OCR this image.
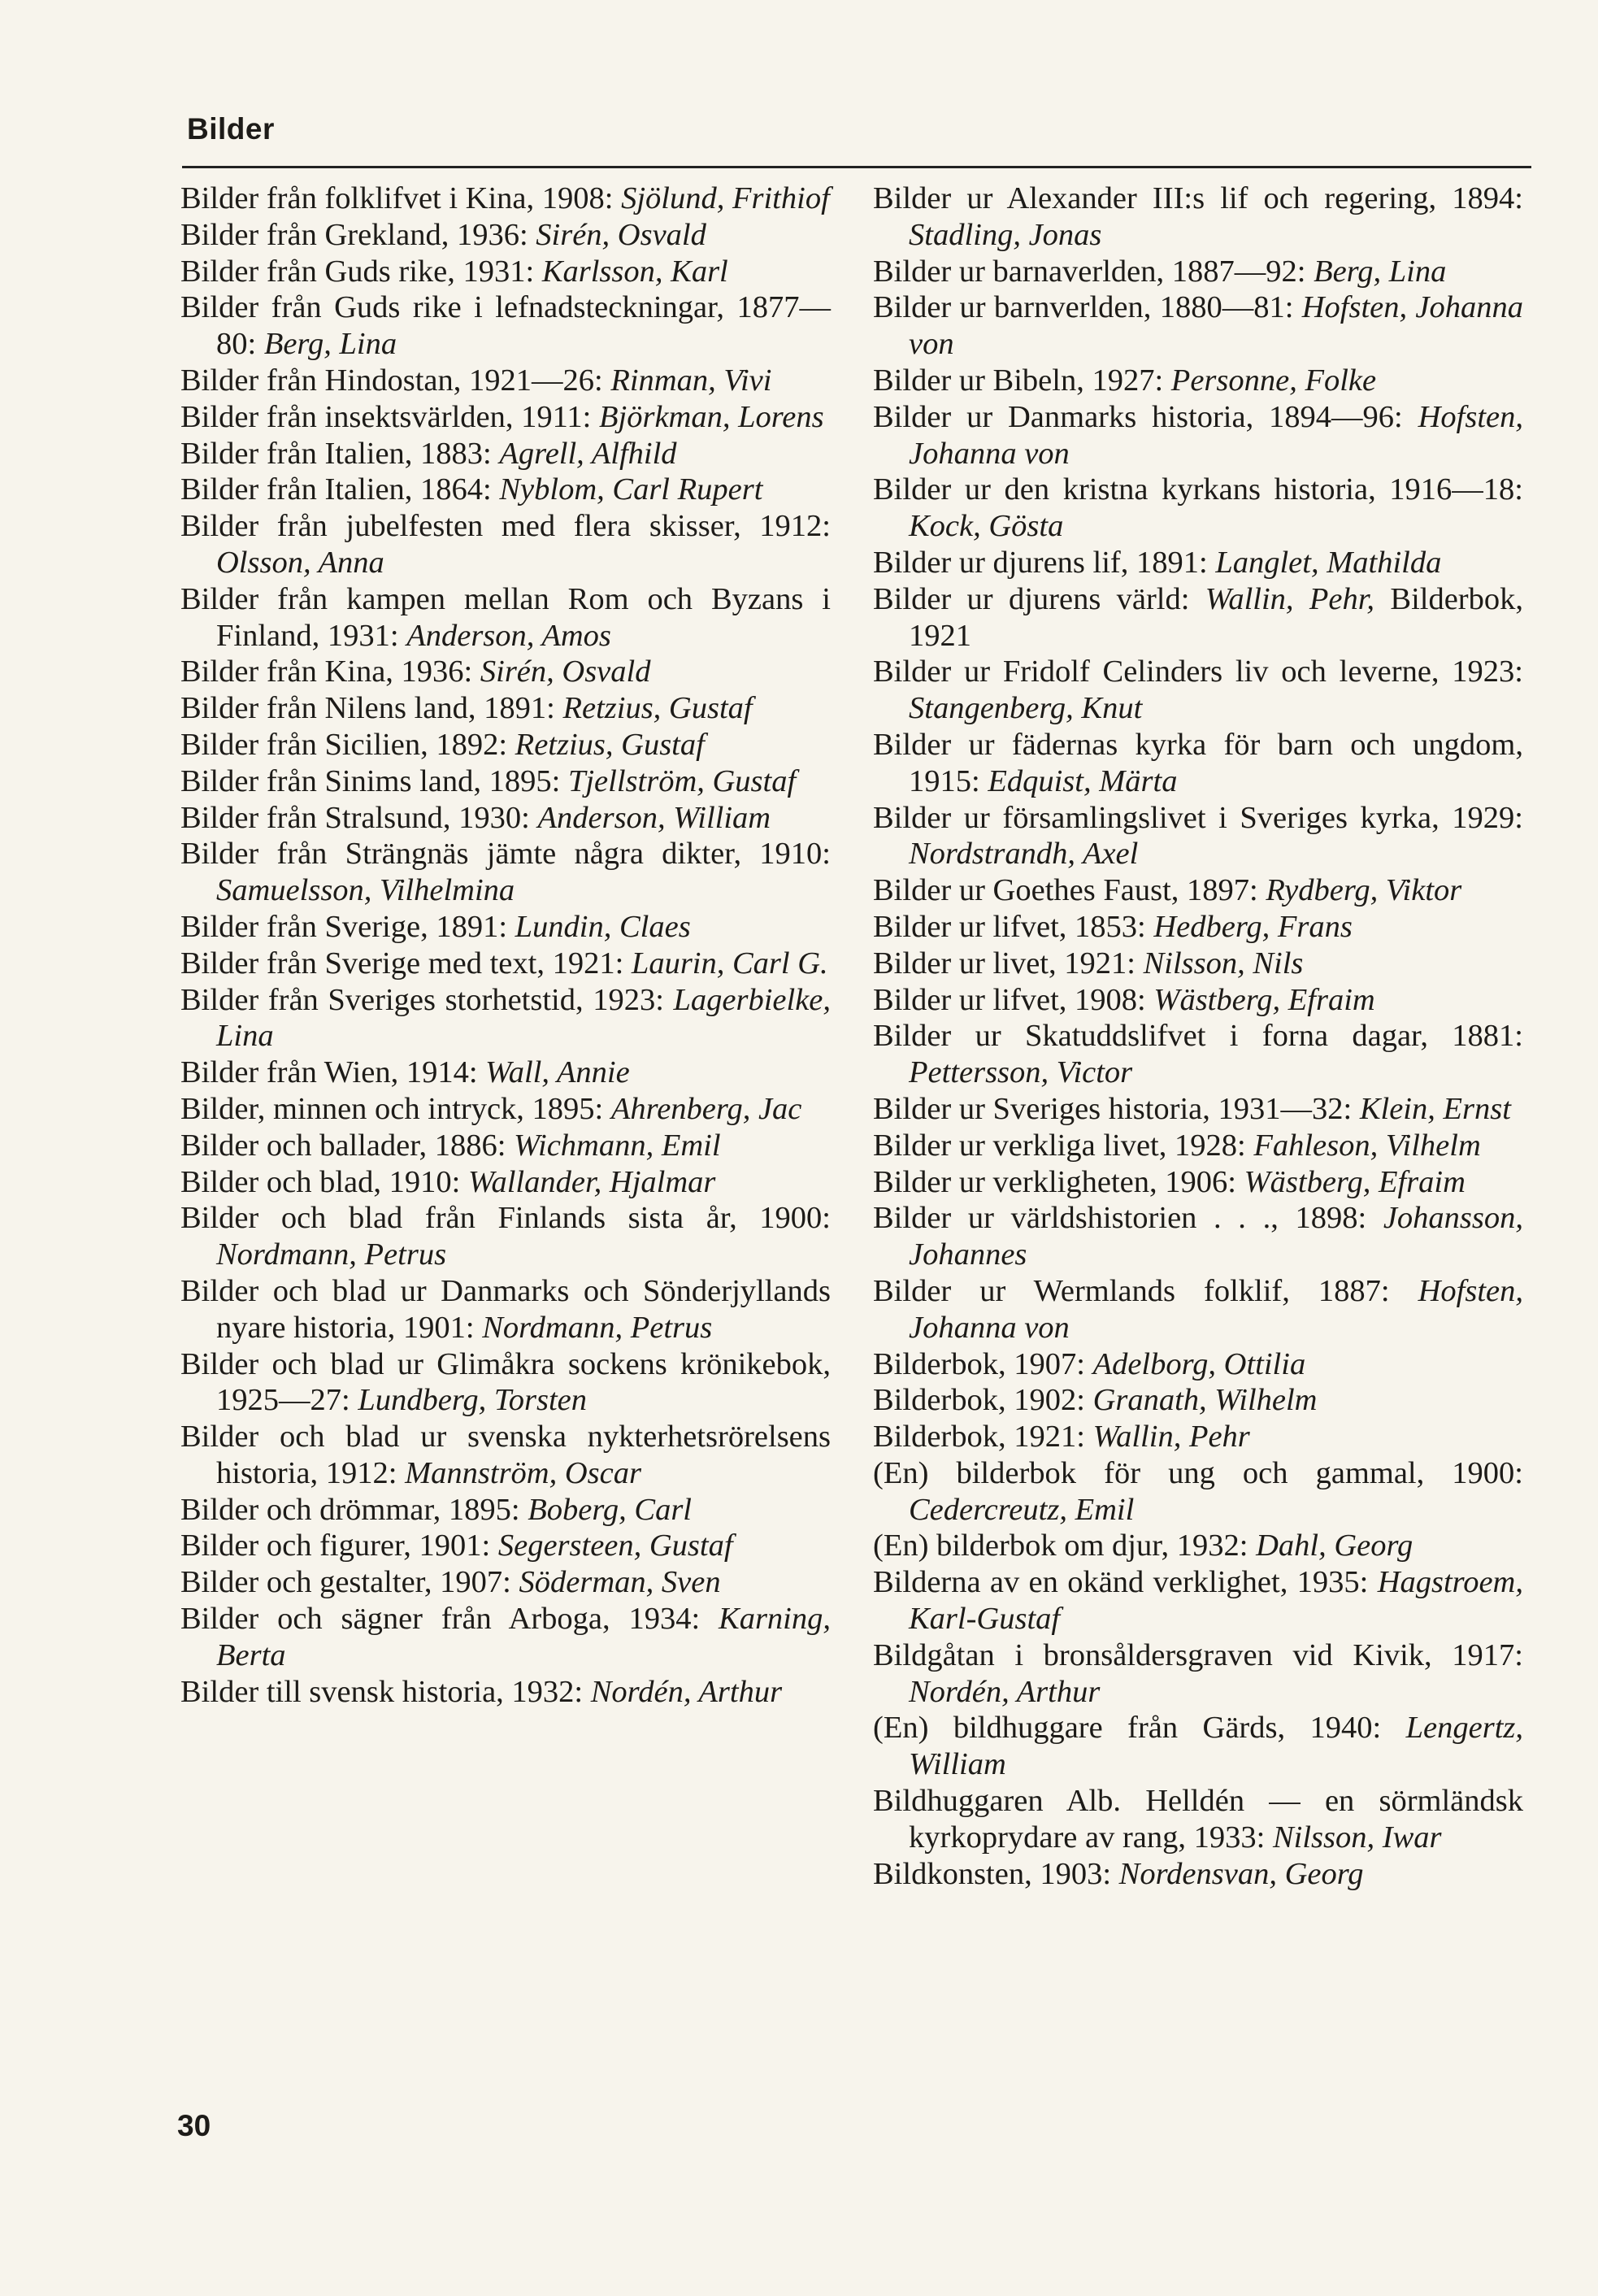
Bilder

Bilder från folklifvet i Kina, 1908: Sjölund, Frithiof

Bilder från Grekland, 1936: Sirén, Osvald

Bilder från Guds rike, 1931: Karlsson, Karl

Bilder från Guds rike i lefnadsteckningar, 1877—80: Berg, Lina

Bilder från Hindostan, 1921—26: Rinman, Vivi

Bilder från insektsvärlden, 1911: Björkman, Lorens

Bilder från Italien, 1883: Agrell, Alfhild

Bilder från Italien, 1864: Nyblom, Carl Rupert

Bilder från jubelfesten med flera skisser, 1912: Olsson, Anna

Bilder från kampen mellan Rom och Byzans i Finland, 1931: Anderson, Amos

Bilder från Kina, 1936: Sirén, Osvald

Bilder från Nilens land, 1891: Retzius, Gustaf

Bilder från Sicilien, 1892: Retzius, Gustaf

Bilder från Sinims land, 1895: Tjellström, Gustaf

Bilder från Stralsund, 1930: Anderson, William

Bilder från Strängnäs jämte några dikter, 1910: Samuelsson, Vilhelmina

Bilder från Sverige, 1891: Lundin, Claes

Bilder från Sverige med text, 1921: Laurin, Carl G.

Bilder från Sveriges storhetstid, 1923: Lagerbielke, Lina

Bilder från Wien, 1914: Wall, Annie

Bilder, minnen och intryck, 1895: Ahrenberg, Jac

Bilder och ballader, 1886: Wichmann, Emil

Bilder och blad, 1910: Wallander, Hjalmar

Bilder och blad från Finlands sista år, 1900: Nordmann, Petrus

Bilder och blad ur Danmarks och Sönderjyllands nyare historia, 1901: Nordmann, Petrus

Bilder och blad ur Glimåkra sockens krönikebok, 1925—27: Lundberg, Torsten

Bilder och blad ur svenska nykterhetsrörelsens historia, 1912: Mannström, Oscar

Bilder och drömmar, 1895: Boberg, Carl

Bilder och figurer, 1901: Segersteen, Gustaf

Bilder och gestalter, 1907: Söderman, Sven

Bilder och sägner från Arboga, 1934: Karning, Berta

Bilder till svensk historia, 1932: Nordén, Arthur

Bilder ur Alexander III:s lif och regering, 1894: Stadling, Jonas

Bilder ur barnaverlden, 1887—92: Berg, Lina

Bilder ur barnverlden, 1880—81: Hofsten, Johanna von

Bilder ur Bibeln, 1927: Personne, Folke

Bilder ur Danmarks historia, 1894—96: Hofsten, Johanna von

Bilder ur den kristna kyrkans historia, 1916—18: Kock, Gösta

Bilder ur djurens lif, 1891: Langlet, Mathilda

Bilder ur djurens värld: Wallin, Pehr, Bilderbok, 1921

Bilder ur Fridolf Celinders liv och leverne, 1923: Stangenberg, Knut

Bilder ur fädernas kyrka för barn och ungdom, 1915: Edquist, Märta

Bilder ur församlingslivet i Sveriges kyrka, 1929: Nordstrandh, Axel

Bilder ur Goethes Faust, 1897: Rydberg, Viktor

Bilder ur lifvet, 1853: Hedberg, Frans

Bilder ur livet, 1921: Nilsson, Nils

Bilder ur lifvet, 1908: Wästberg, Efraim

Bilder ur Skatuddslifvet i forna dagar, 1881: Pettersson, Victor

Bilder ur Sveriges historia, 1931—32: Klein, Ernst

Bilder ur verkliga livet, 1928: Fahleson, Vilhelm

Bilder ur verkligheten, 1906: Wästberg, Efraim

Bilder ur världshistorien . . ., 1898: Johansson, Johannes

Bilder ur Wermlands folklif, 1887: Hofsten, Johanna von

Bilderbok, 1907: Adelborg, Ottilia

Bilderbok, 1902: Granath, Wilhelm

Bilderbok, 1921: Wallin, Pehr

(En) bilderbok för ung och gammal, 1900: Cedercreutz, Emil

(En) bilderbok om djur, 1932: Dahl, Georg

Bilderna av en okänd verklighet, 1935: Hagstroem, Karl-Gustaf

Bildgåtan i bronsåldersgraven vid Kivik, 1917: Nordén, Arthur

(En) bildhuggare från Gärds, 1940: Lengertz, William

Bildhuggaren Alb. Helldén — en sörmländsk kyrkoprydare av rang, 1933: Nilsson, Iwar

Bildkonsten, 1903: Nordensvan, Georg

30
